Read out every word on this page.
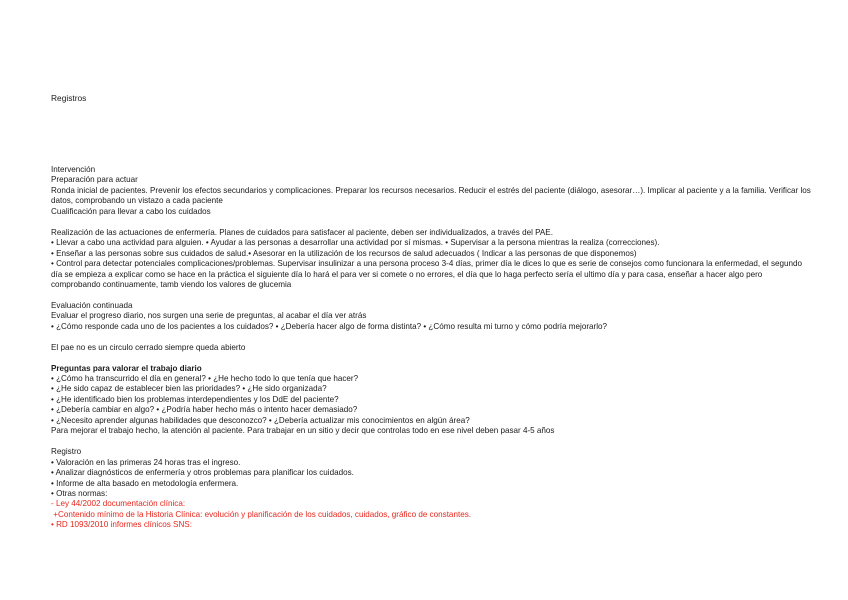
Registros
Intervención
Preparación para actuar
Ronda inicial de pacientes. Prevenir los efectos secundarios y complicaciones. Preparar los recursos necesarios. Reducir el estrés del paciente (diálogo, asesorar…). Implicar al paciente y a la familia. Verificar los datos, comprobando un vistazo a cada paciente
Cualificación para llevar a cabo los cuidados
Realización de las actuaciones de enfermería. Planes de cuidados para satisfacer al paciente, deben ser individualizados, a través del PAE.
• Llevar a cabo una actividad para alguien. • Ayudar a las personas a desarrollar una actividad por sí mismas. • Supervisar a la persona mientras la realiza (correcciones).
• Enseñar a las personas sobre sus cuidados de salud.• Asesorar en la utilización de los recursos de salud adecuados ( Indicar a las personas de que disponemos)
• Control para detectar potenciales complicaciones/problemas. Supervisar insulinizar a una persona proceso 3-4 días, primer día le dices lo que es serie de consejos como funcionara la enfermedad, el segundo día se empieza a explicar como se hace en la práctica el siguiente día lo hará el para ver si comete o no errores, el día que lo haga perfecto sería el ultimo día y para casa, enseñar a hacer algo pero comprobando continuamente, tamb viendo los valores de glucemia
Evaluación continuada
Evaluar el progreso diario, nos surgen una serie de preguntas, al acabar el día ver atrás
• ¿Cómo responde cada uno de los pacientes a los cuidados? • ¿Debería hacer algo de forma distinta? • ¿Cómo resulta mi turno y cómo podría mejorarlo?
El pae no es un circulo cerrado siempre queda abierto
Preguntas para valorar el trabajo diario
• ¿Cómo ha transcurrido el día en general? • ¿He hecho todo lo que tenía que hacer?
• ¿He sido capaz de establecer bien las prioridades? • ¿He sido organizada?
• ¿He identificado bien los problemas interdependientes y los DdE del paciente?
• ¿Debería cambiar en algo? • ¿Podría haber hecho más o intento hacer demasiado?
• ¿Necesito aprender algunas habilidades que desconozco? • ¿Debería actualizar mis conocimientos en algún área?
Para mejorar el trabajo hecho, la atención al paciente. Para trabajar en un sitio y decir que controlas todo en ese nivel deben pasar 4-5 años
Registro
• Valoración en las primeras 24 horas tras el ingreso.
• Analizar diagnósticos de enfermería y otros problemas para planificar los cuidados.
• Informe de alta basado en metodología enfermera.
• Otras normas:
- Ley 44/2002 documentación clínica:
+Contenido mínimo de la Historia Clínica: evolución y planificación de los cuidados, cuidados, gráfico de constantes.
• RD 1093/2010 informes clínicos SNS:
